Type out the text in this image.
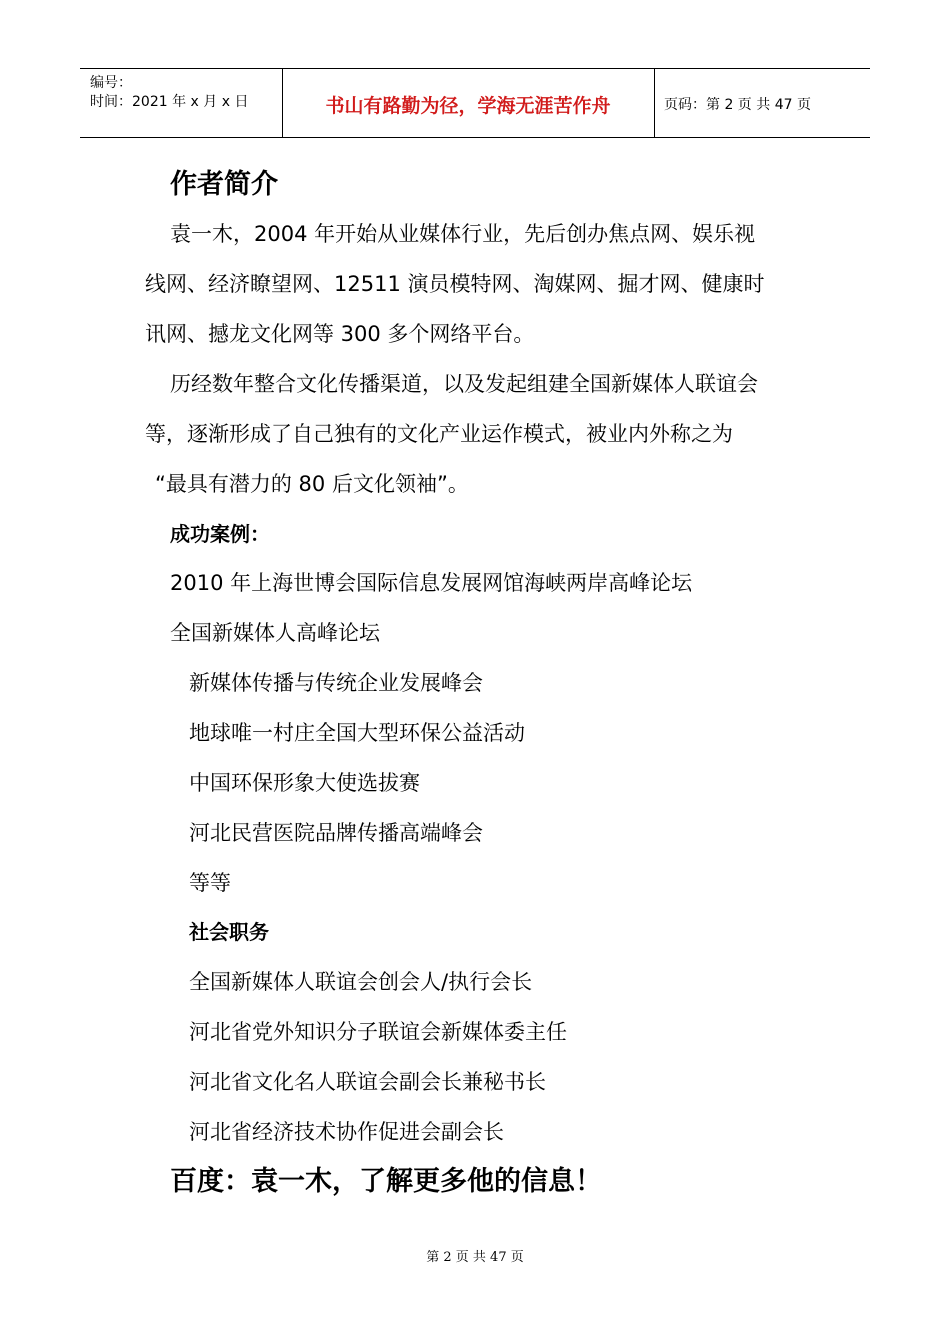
编号：
时间：2021 年 x 月 x 日	书山有路勤为径，学海无涯苦作舟	页码：第 2 页 共 47 页
作者简介
袁一木，2004 年开始从业媒体行业，先后创办焦点网、娱乐视
线网、经济瞭望网、12511 演员模特网、淘媒网、掘才网、健康时
讯网、撼龙文化网等 300 多个网络平台。
历经数年整合文化传播渠道，以及发起组建全国新媒体人联谊会
等，逐渐形成了自己独有的文化产业运作模式，被业内外称之为
“最具有潜力的 80 后文化领袖”。
成功案例：
2010 年上海世博会国际信息发展网馆海峡两岸高峰论坛
全国新媒体人高峰论坛
新媒体传播与传统企业发展峰会
地球唯一村庄全国大型环保公益活动
中国环保形象大使选拔赛
河北民营医院品牌传播高端峰会
等等
社会职务
全国新媒体人联谊会创会人/执行会长
河北省党外知识分子联谊会新媒体委主任
河北省文化名人联谊会副会长兼秘书长
河北省经济技术协作促进会副会长
百度：袁一木，了解更多他的信息！
第 2 页 共 47 页
